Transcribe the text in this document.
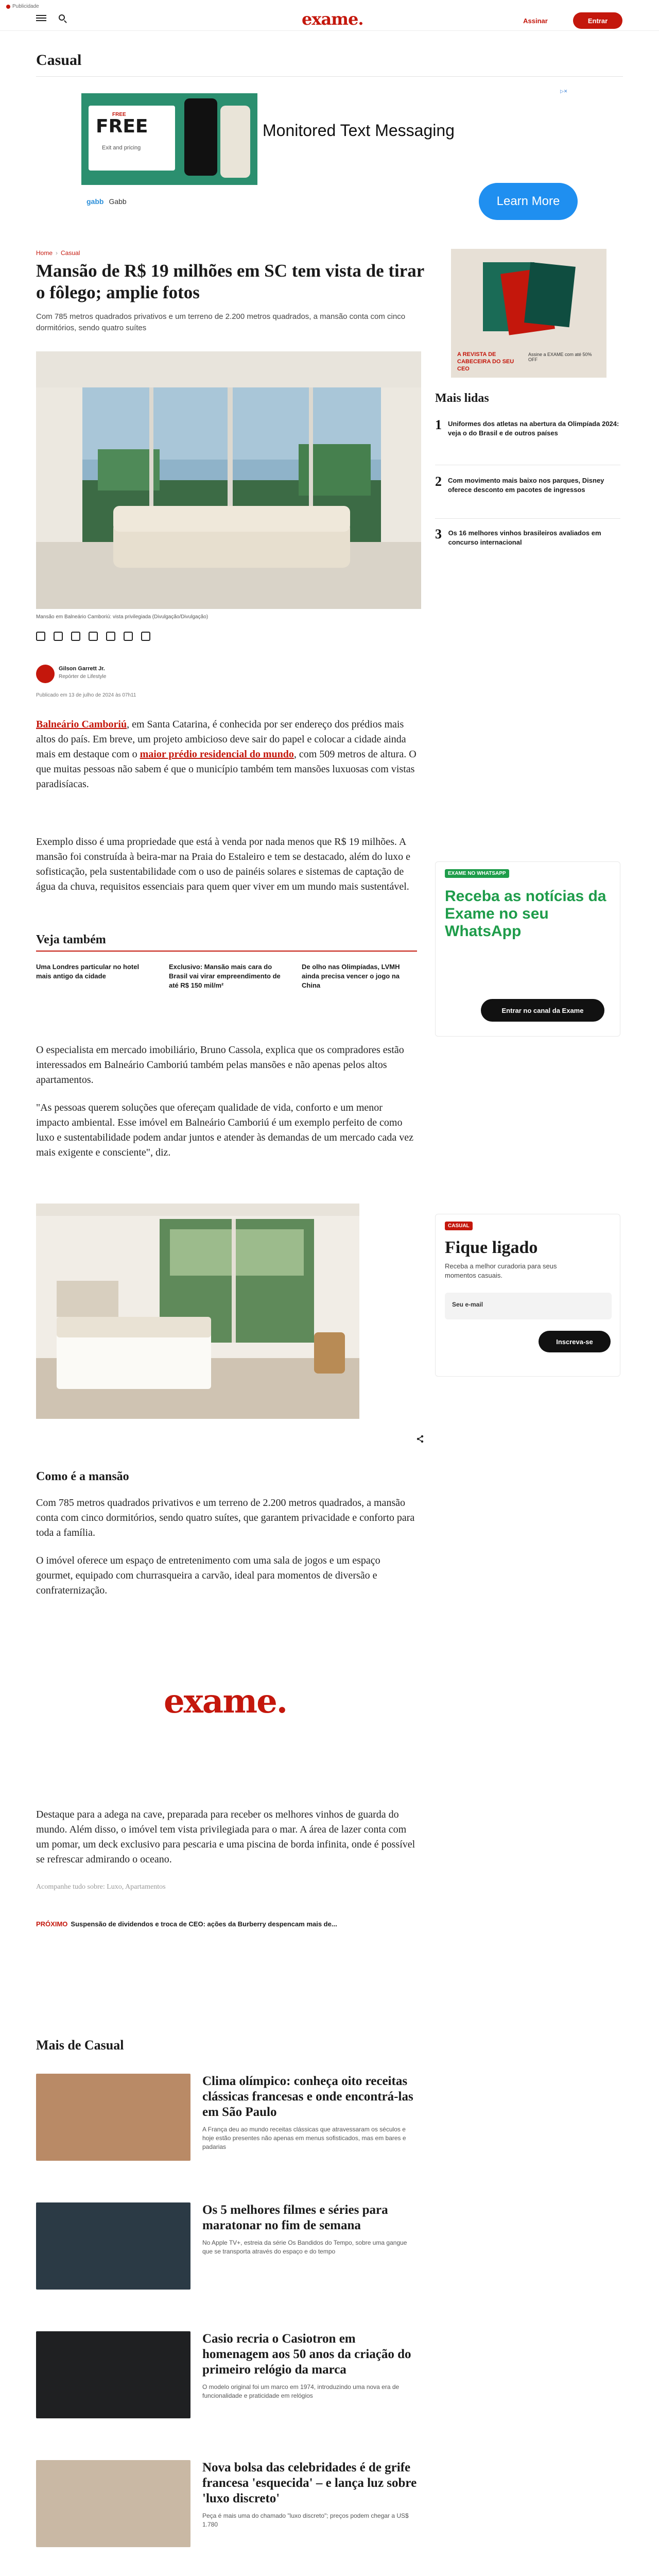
Publicidade
exame.	Assinar	Entrar
Casual
FREE
FREE
Exit and pricing
Monitored Text Messaging
gabb Gabb	Learn More
▷✕
Home › Casual
Mansão de R$ 19 milhões em SC tem vista de tirar o fôlego; amplie fotos

Com 785 metros quadrados privativos e um terreno de 2.200 metros quadrados, a mansão conta com cinco dormitórios, sendo quatro suítes

Mansão em Balneário Camboriú: vista privilegiada (Divulgação/Divulgação)
Gilson Garrett Jr.
Repórter de Lifestyle
Publicado em 13 de julho de 2024 às 07h11

Balneário Camboriú, em Santa Catarina, é conhecida por ser endereço dos prédios mais altos do país. Em breve, um projeto ambicioso deve sair do papel e colocar a cidade ainda mais em destaque com o maior prédio residencial do mundo, com 509 metros de altura. O que muitas pessoas não sabem é que o município também tem mansões luxuosas com vistas paradisíacas.

Exemplo disso é uma propriedade que está à venda por nada menos que R$ 19 milhões. A mansão foi construída à beira-mar na Praia do Estaleiro e tem se destacado, além do luxo e sofisticação, pela sustentabilidade com o uso de painéis solares e sistemas de captação de água da chuva, requisitos essenciais para quem quer viver em um mundo mais sustentável.

Veja também
Uma Londres particular no hotel mais antigo da cidade
Exclusivo: Mansão mais cara do Brasil vai virar empreendimento de até R$ 150 mil/m²
De olho nas Olimpíadas, LVMH ainda precisa vencer o jogo na China

O especialista em mercado imobiliário, Bruno Cassola, explica que os compradores estão interessados em Balneário Camboriú também pelas mansões e não apenas pelos altos apartamentos.

"As pessoas querem soluções que ofereçam qualidade de vida, conforto e um menor impacto ambiental. Esse imóvel em Balneário Camboriú é um exemplo perfeito de como luxo e sustentabilidade podem andar juntos e atender às demandas de um mercado cada vez mais exigente e consciente", diz.

Como é a mansão

Com 785 metros quadrados privativos e um terreno de 2.200 metros quadrados, a mansão conta com cinco dormitórios, sendo quatro suítes, que garantem privacidade e conforto para toda a família.

O imóvel oferece um espaço de entretenimento com uma sala de jogos e um espaço gourmet, equipado com churrasqueira a carvão, ideal para momentos de diversão e confraternização.

exame.

Destaque para a adega na cave, preparada para receber os melhores vinhos de guarda do mundo. Além disso, o imóvel tem vista privilegiada para o mar. A área de lazer conta com um pomar, um deck exclusivo para pescaria e uma piscina de borda infinita, onde é possível se refrescar admirando o oceano.

Acompanhe tudo sobre: Luxo, Apartamentos
PRÓXIMO Suspensão de dividendos e troca de CEO: ações da Burberry despencam mais de...
A REVISTA DE CABECEIRA DO SEU CEO
Assine a EXAME com até 50% OFF
Mais lidas
1 Uniformes dos atletas na abertura da Olimpíada 2024: veja o do Brasil e de outros países
2 Com movimento mais baixo nos parques, Disney oferece desconto em pacotes de ingressos
3 Os 16 melhores vinhos brasileiros avaliados em concurso internacional
EXAME NO WHATSAPP
Receba as notícias da Exame no seu WhatsApp
Entrar no canal da Exame
CASUAL
Fique ligado
Receba a melhor curadoria para seus momentos casuais.
Seu e-mail
Inscreva-se
Mais de Casual
Clima olímpico: conheça oito receitas clássicas francesas e onde encontrá-las em São Paulo
A França deu ao mundo receitas clássicas que atravessaram os séculos e hoje estão presentes não apenas em menus sofisticados, mas em bares e padarias
Os 5 melhores filmes e séries para maratonar no fim de semana
No Apple TV+, estreia da série Os Bandidos do Tempo, sobre uma gangue que se transporta através do espaço e do tempo
Casio recria o Casiotron em homenagem aos 50 anos da criação do primeiro relógio da marca
O modelo original foi um marco em 1974, introduzindo uma nova era de funcionalidade e praticidade em relógios
Nova bolsa das celebridades é de grife francesa 'esquecida' – e lança luz sobre 'luxo discreto'
Peça é mais uma do chamado "luxo discreto"; preços podem chegar a US$ 1.780
